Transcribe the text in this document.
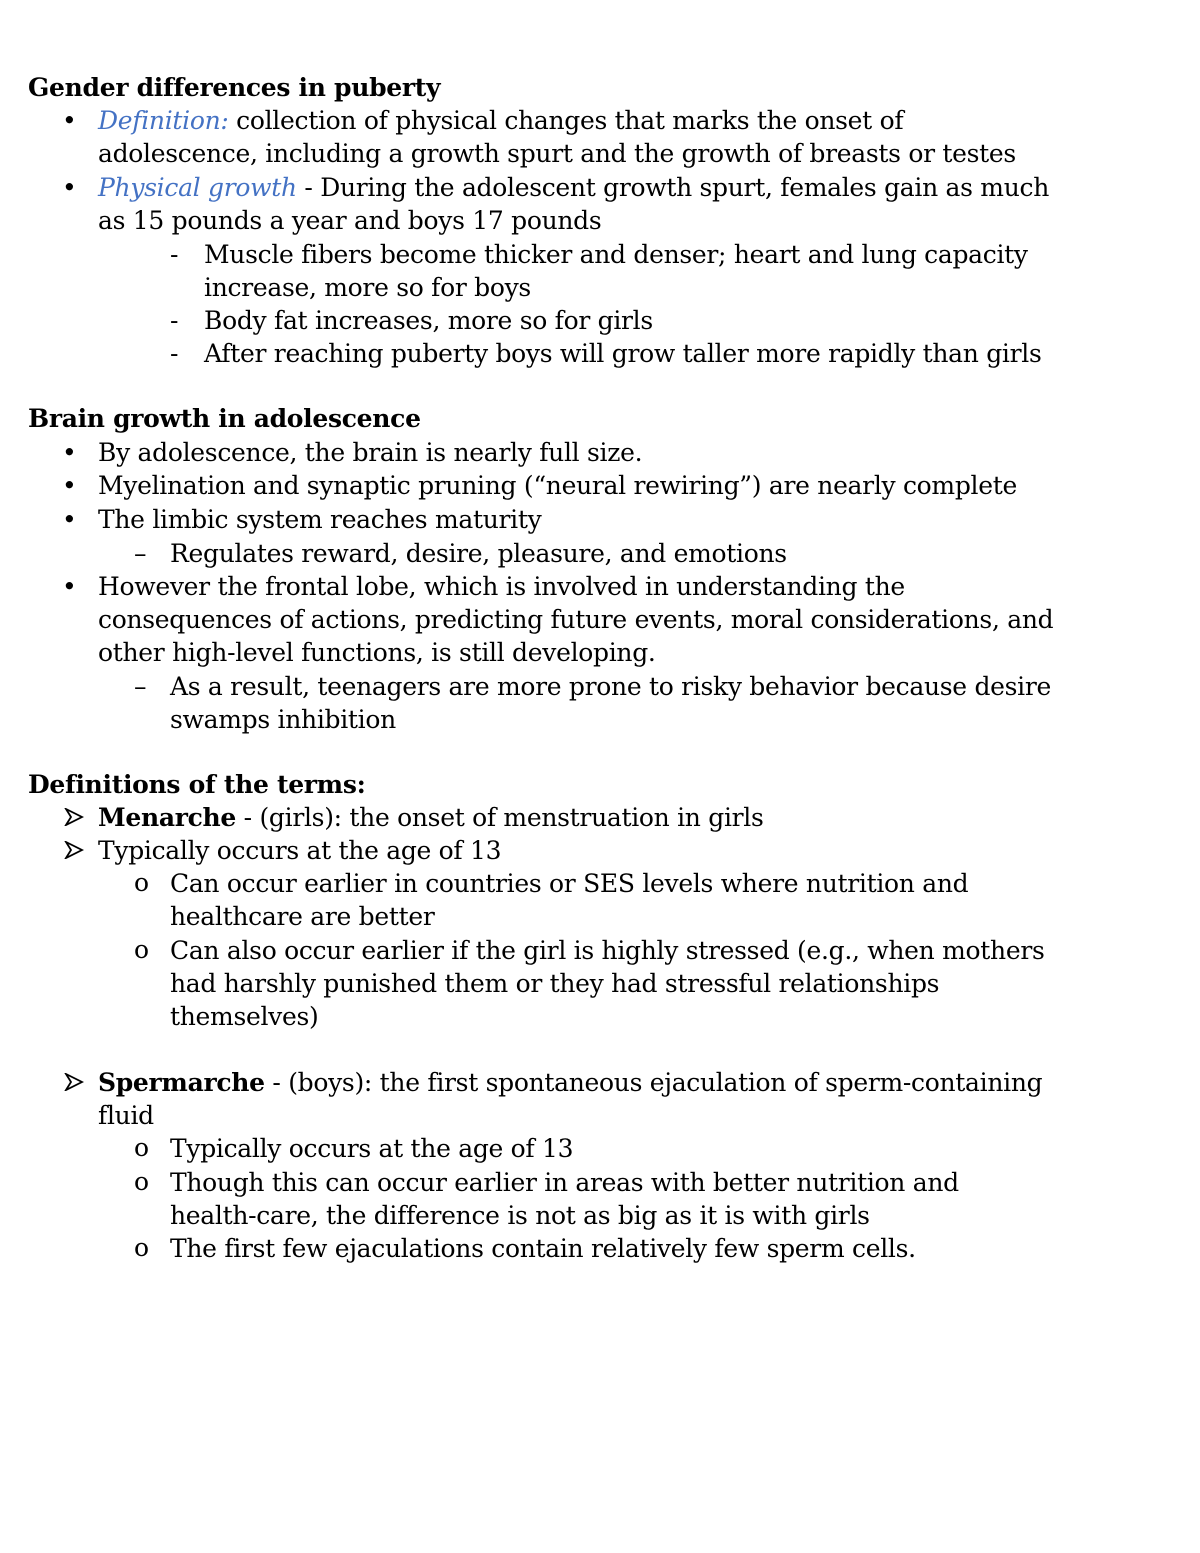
Gender differences in puberty
• Definition: collection of physical changes that marks the onset of
adolescence, including a growth spurt and the growth of breasts or testes
• Physical growth - During the adolescent growth spurt, females gain as much
as 15 pounds a year and boys 17 pounds
- Muscle fibers become thicker and denser; heart and lung capacity
increase, more so for boys
- Body fat increases, more so for girls
- After reaching puberty boys will grow taller more rapidly than girls
Brain growth in adolescence
• By adolescence, the brain is nearly full size.
• Myelination and synaptic pruning (“neural rewiring”) are nearly complete
• The limbic system reaches maturity
– Regulates reward, desire, pleasure, and emotions
• However the frontal lobe, which is involved in understanding the
consequences of actions, predicting future events, moral considerations, and
other high-level functions, is still developing.
– As a result, teenagers are more prone to risky behavior because desire
swamps inhibition
Definitions of the terms:
Menarche - (girls): the onset of menstruation in girls
Typically occurs at the age of 13
o Can occur earlier in countries or SES levels where nutrition and
healthcare are better
o Can also occur earlier if the girl is highly stressed (e.g., when mothers
had harshly punished them or they had stressful relationships
themselves)
Spermarche - (boys): the first spontaneous ejaculation of sperm-containing
fluid
o Typically occurs at the age of 13
o Though this can occur earlier in areas with better nutrition and
health-care, the difference is not as big as it is with girls
o The first few ejaculations contain relatively few sperm cells.
